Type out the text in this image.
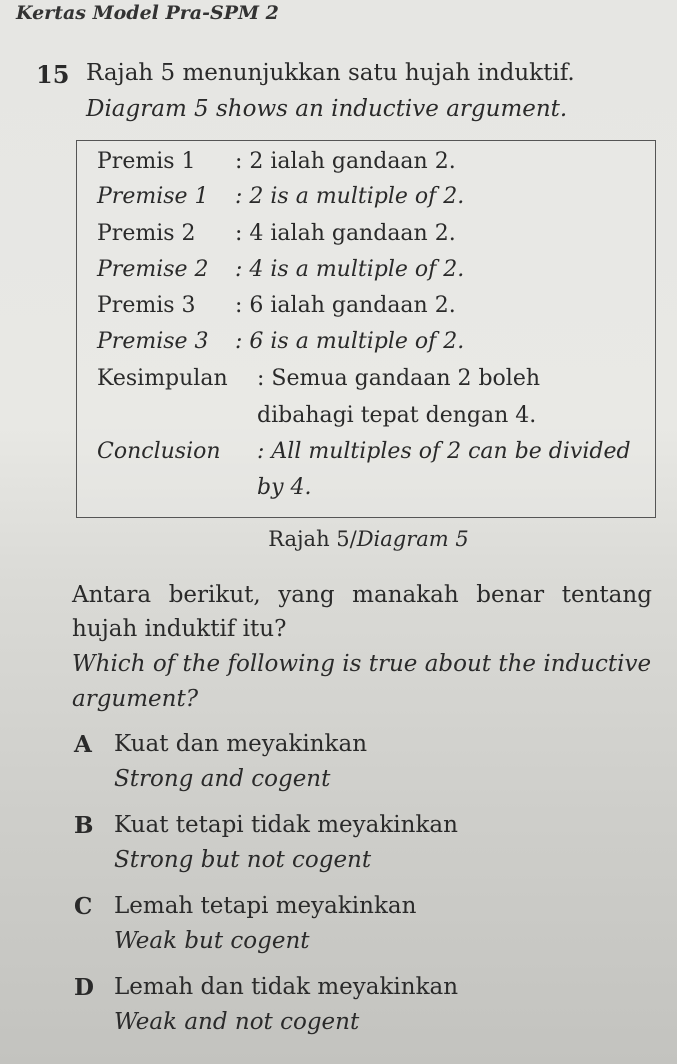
Kertas Model Pra-SPM 2
15 Rajah 5 menunjukkan satu hujah induktif.
Diagram 5 shows an inductive argument.
Premis 1 : 2 ialah gandaan 2.
Premise 1 : 2 is a multiple of 2.
Premis 2 : 4 ialah gandaan 2.
Premise 2 : 4 is a multiple of 2.
Premis 3 : 6 ialah gandaan 2.
Premise 3 : 6 is a multiple of 2.
Kesimpulan : Semua gandaan 2 boleh
dibahagi tepat dengan 4.
Conclusion : All multiples of 2 can be divided
by 4.
Rajah 5/Diagram 5
Antara berikut, yang manakah benar tentang
hujah induktif itu?
Which of the following is true about the inductive
argument?
A Kuat dan meyakinkan
Strong and cogent
B Kuat tetapi tidak meyakinkan
Strong but not cogent
C Lemah tetapi meyakinkan
Weak but cogent
D Lemah dan tidak meyakinkan
Weak and not cogent
